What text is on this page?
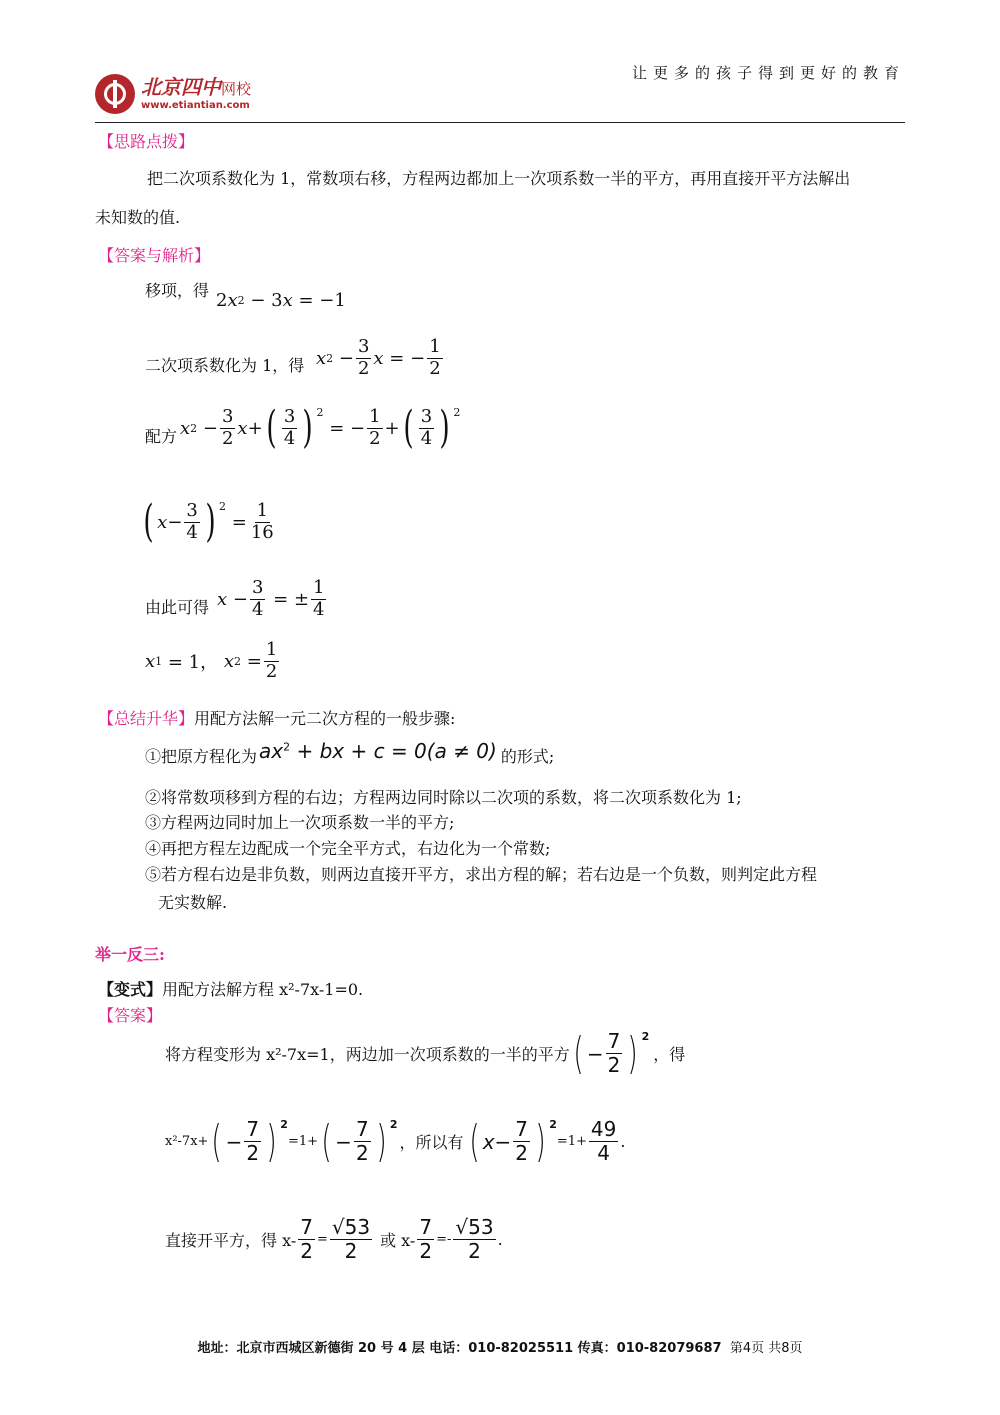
让更多的孩子得到更好的教育
北京四中网校
www.etiantian.com
【思路点拨】
把二次项系数化为 1，常数项右移，方程两边都加上一次项系数一半的平方，再用直接开平方法解出
未知数的值.
【答案与解析】
移项，得 2 x 2
− 3 x = −1
二次项系数化为 1，得 x $2 - \frac{3}{2}$ x = − $\frac{1}{2}$
配方 x $2 - \frac{3}{2}$ x + ( $\frac{3}{4}$ ) $^2$
= − $\frac{1}{2}$ + ( $\frac{3}{4}$ ) $^2$
( $x - \frac{3}{4}$ ) $^2$
= $\frac{1}{16}$
由此可得 $x - \frac{3}{4}$ = ± $\frac{1}{4}$
x 1 = 1， x $2 = \frac{1}{2}$
【总结升华】用配方法解一元二次方程的一般步骤:
①把原方程化为 $ax^2$ + bx + c = 0(a ≠ 0) 的形式;
②将常数项移到方程的右边；方程两边同时除以二次项的系数，将二次项系数化为 1;
③方程两边同时加上一次项系数一半的平方;
④再把方程左边配成一个完全平方式，右边化为一个常数;
⑤若方程右边是非负数，则两边直接开平方，求出方程的解；若右边是一个负数，则判定此方程
无实数解.
举一反三:
【变式】用配方法解方程 x²-7x-1=0.
【答案】
将方程变形为 x²-7x=1，两边加一次项系数的一半的平方 ( − $\frac{7}{2}$ ) $^2$
，得
x²-7x+ ( − $\frac{7}{2}$ ) $^2$
=1+ ( − $\frac{7}{2}$ ) $^2$
，所以有 ( $x - \frac{7}{2}$ ) $^2$
$=1+ \frac{49}{4}$ .
直接开平方，得 $x- \frac{7}{2} = \frac{√53}{2}$ 或 $x- \frac{7}{2} =- \frac{√53}{2}$ .
地址：北京市西城区新德街 20 号 4 层 电话：010-82025511 传真：010-82079687 第4页 共8页
